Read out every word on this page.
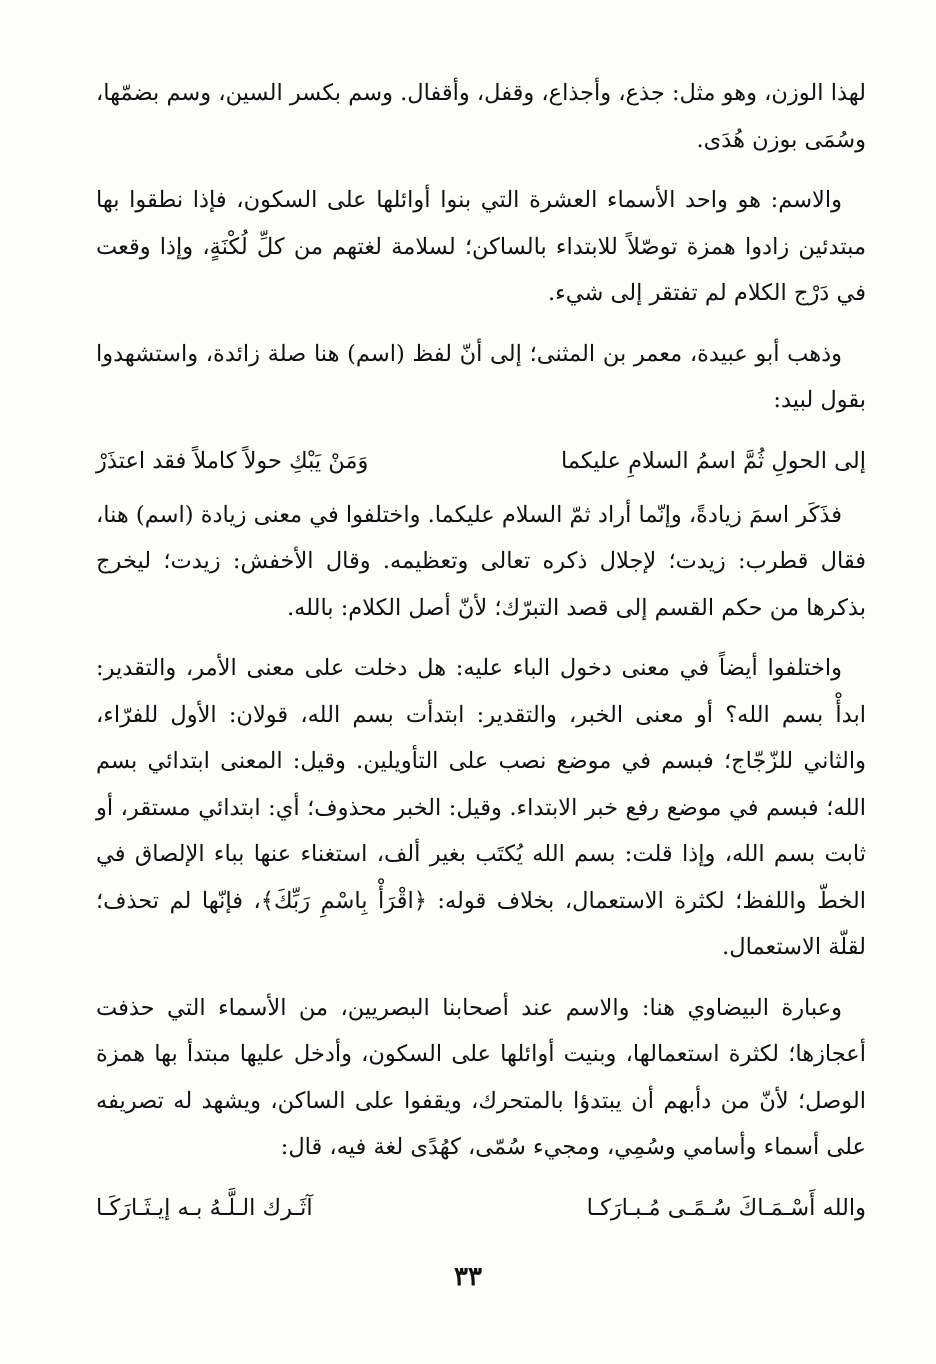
لهذا الوزن، وهو مثل: جذع، وأجذاع، وقفل، وأقفال. وسم بكسر السين، وسم بضمّها، وسُمَى بوزن هُدَى.

والاسم: هو واحد الأسماء العشرة التي بنوا أوائلها على السكون، فإذا نطقوا بها مبتدئين زادوا همزة توصّلاً للابتداء بالساكن؛ لسلامة لغتهم من كلِّ لُكْنَةٍ، وإذا وقعت في دَرْج الكلام لم تفتقر إلى شيء.

وذهب أبو عبيدة، معمر بن المثنى؛ إلى أنّ لفظ (اسم) هنا صلة زائدة، واستشهدوا بقول لبيد:

إلى الحولِ ثُمَّ اسمُ السلامِ عليكما
وَمَنْ يَبْكِ حولاً كاملاً فقد اعتذَرْ

فذَكَر اسمَ زيادةً، وإنّما أراد ثمّ السلام عليكما. واختلفوا في معنى زيادة (اسم) هنا، فقال قطرب: زيدت؛ لإجلال ذكره تعالى وتعظيمه. وقال الأخفش: زيدت؛ ليخرج بذكرها من حكم القسم إلى قصد التبرّك؛ لأنّ أصل الكلام: بالله.

واختلفوا أيضاً في معنى دخول الباء عليه: هل دخلت على معنى الأمر، والتقدير: ابدأْ بسم الله؟ أو معنى الخبر، والتقدير: ابتدأت بسم الله، قولان: الأول للفرّاء، والثاني للزّجّاج؛ فبسم في موضع نصب على التأويلين. وقيل: المعنى ابتدائي بسم الله؛ فبسم في موضع رفع خبر الابتداء. وقيل: الخبر محذوف؛ أي: ابتدائي مستقر، أو ثابت بسم الله، وإذا قلت: بسم الله يُكتَب بغير ألف، استغناء عنها بباء الإلصاق في الخطّ واللفظ؛ لكثرة الاستعمال، بخلاف قوله: ﴿اقْرَأْ بِاسْمِ رَبِّكَ﴾، فإنّها لم تحذف؛ لقلّة الاستعمال.

وعبارة البيضاوي هنا: والاسم عند أصحابنا البصريين، من الأسماء التي حذفت أعجازها؛ لكثرة استعمالها، وبنيت أوائلها على السكون، وأدخل عليها مبتدأ بها همزة الوصل؛ لأنّ من دأبهم أن يبتدؤا بالمتحرك، ويقفوا على الساكن، ويشهد له تصريفه على أسماء وأسامي وسُمِي، ومجيء سُمّى، كهُدًى لغة فيه، قال:

والله أَسْـمَـاكَ سُـمًـى مُـبـارَكـا
آثَـرك الـلَّـهُ بـه إيـثَـارَكَـا
٣٣
